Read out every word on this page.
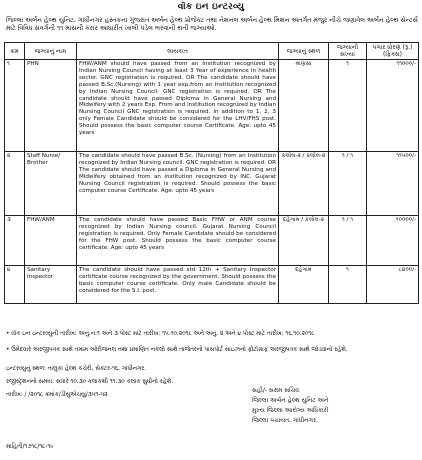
વૉક ઇન ઇન્ટરવ્યુ
જિલ્લા અર્બન હેલ્થ યુનિટ, ગાંધીનગર હસ્તકના ગુજરાત અર્બન હેલ્થ પ્રોજેક્ટ તથા નેશનલ અર્બન હેલ્થ મિશન અંતર્ગત મંજુર નીચે જણાવેલ અર્બન હેલ્થ સેન્ટર્સ માટે વિવિધ સંવર્ગની ૧૧ માસની કરાર આધારીત ખાલી પડેલ ભરવાની થતી જગ્યાઓ.
ક્રમ	જગ્યાનું નામ	લાયકાત	જગ્યાનું સ્થળ	જગ્યાની સંખ્યા	પગાર ધોરણ (રૂ.) (ફિક્સ)
૧	PHN	FHW/ANM should have passed from an Institution recognized by Indian Nursing Council having at least 3 Year of experience in health sector. GNC registration is required. OR The candidate should have passed B.Sc.(Nursing) with 1 year exp.from an Institution recognized by Indian Nursing Council. GNC registration is required. OR The candidate should have passed Diploma in General Nursing and Midwifery with 2 years Exp. From and institution recognized by Indian Nursing Council GNC registration is required. In addition to 1, 2, 3 only Female Candidate should be considered for the LHV/FHS post. Should possess the basic computer course Certificate. Age: upto 45 years	માણસા	૧	૧૧૦૦૦/-
૨	Staff Nurse/ Brother	The candidate should have passed B.Sc. (Nursing) from an Institution recognized by Indian Nursing council. GNC registration is required. OR The candidate should have passed a Diploma in General Nursing and Midwifery obtained from an institution recognized by INC. Gujarat Nursing Council registration is required. Should possess the basic computer course Certificate. Age: upto 45 years	કલોલ-૨ / કલોલ-૨	૧ / ૧	૧૧૫૦૦/-
૩	FHW/ANM	The candidate should have passed Basic FHW or ANM course recognized by Indian Nursing council. Gujarat Nursing Council registration is required. Only Female Candidate should be considered for the FHW post. Should possess the basic computer course certificate. Age: upto 45 years	દહેગામ / કલોલ-૨	૧ / ૧	૧૦૦૦૦/-
૪	Sanitary Inspector	The candidate should have passed std 12th + Sanitary Inspector certificate course recognized by the government. Should possess the basic computer course certificate. Only male Candidate should be considered for the S.I. post.	દહેગામ	૧	૮૪૦૦/-
• વૉક ઇન ઇન્ટરવ્યુની તારીખ: અનુ.નં.૧ અને ૩ પોસ્ટ માટે તારીખ: ૧૫.૧૦.૨૦૧૮ અને અનુ. ૨ અને ૪ પોસ્ટ માટે તારીખ: ૧૬.૧૦.૨૦૧૮
• ઉમેદવારે અરજીપત્રક સાથે તમામ ઓરીજનલ તથા પ્રમાણિત નકલો સાથે તાજેતરનો પાસપોર્ટ સાઇઝનો ફોટોગ્રાફ અરજીપત્રક સાથે જોડવાનો રહેશે.
ઇન્ટરવ્યુનું સ્થળ: તાલુકા હેલ્થ કચેરી, સેક્ટર-૧૬, ગાંધીનગર.
રજીસ્ટ્રેશનનો સમય: સવારે ૧૦.૩૦ કલાકથી ૧૧.૩૦ કલાક સુધીનો રહેશે.
તારીખ: / /૨૦૧૮ ક્રમાંક/ડીયુએચયુ/૩૫૧-૫૨
સહી/- સક્ષમ સચિવ
જિલ્લા અર્બન હેલ્થ યુનિટ અને
મુખ્ય જિલ્લા આરોગ્ય અધિકારી
જિલ્લા પંચાયત, ગાંધીનગર.
માહિતી/૧૭૧૮/૧૮-૧૯
